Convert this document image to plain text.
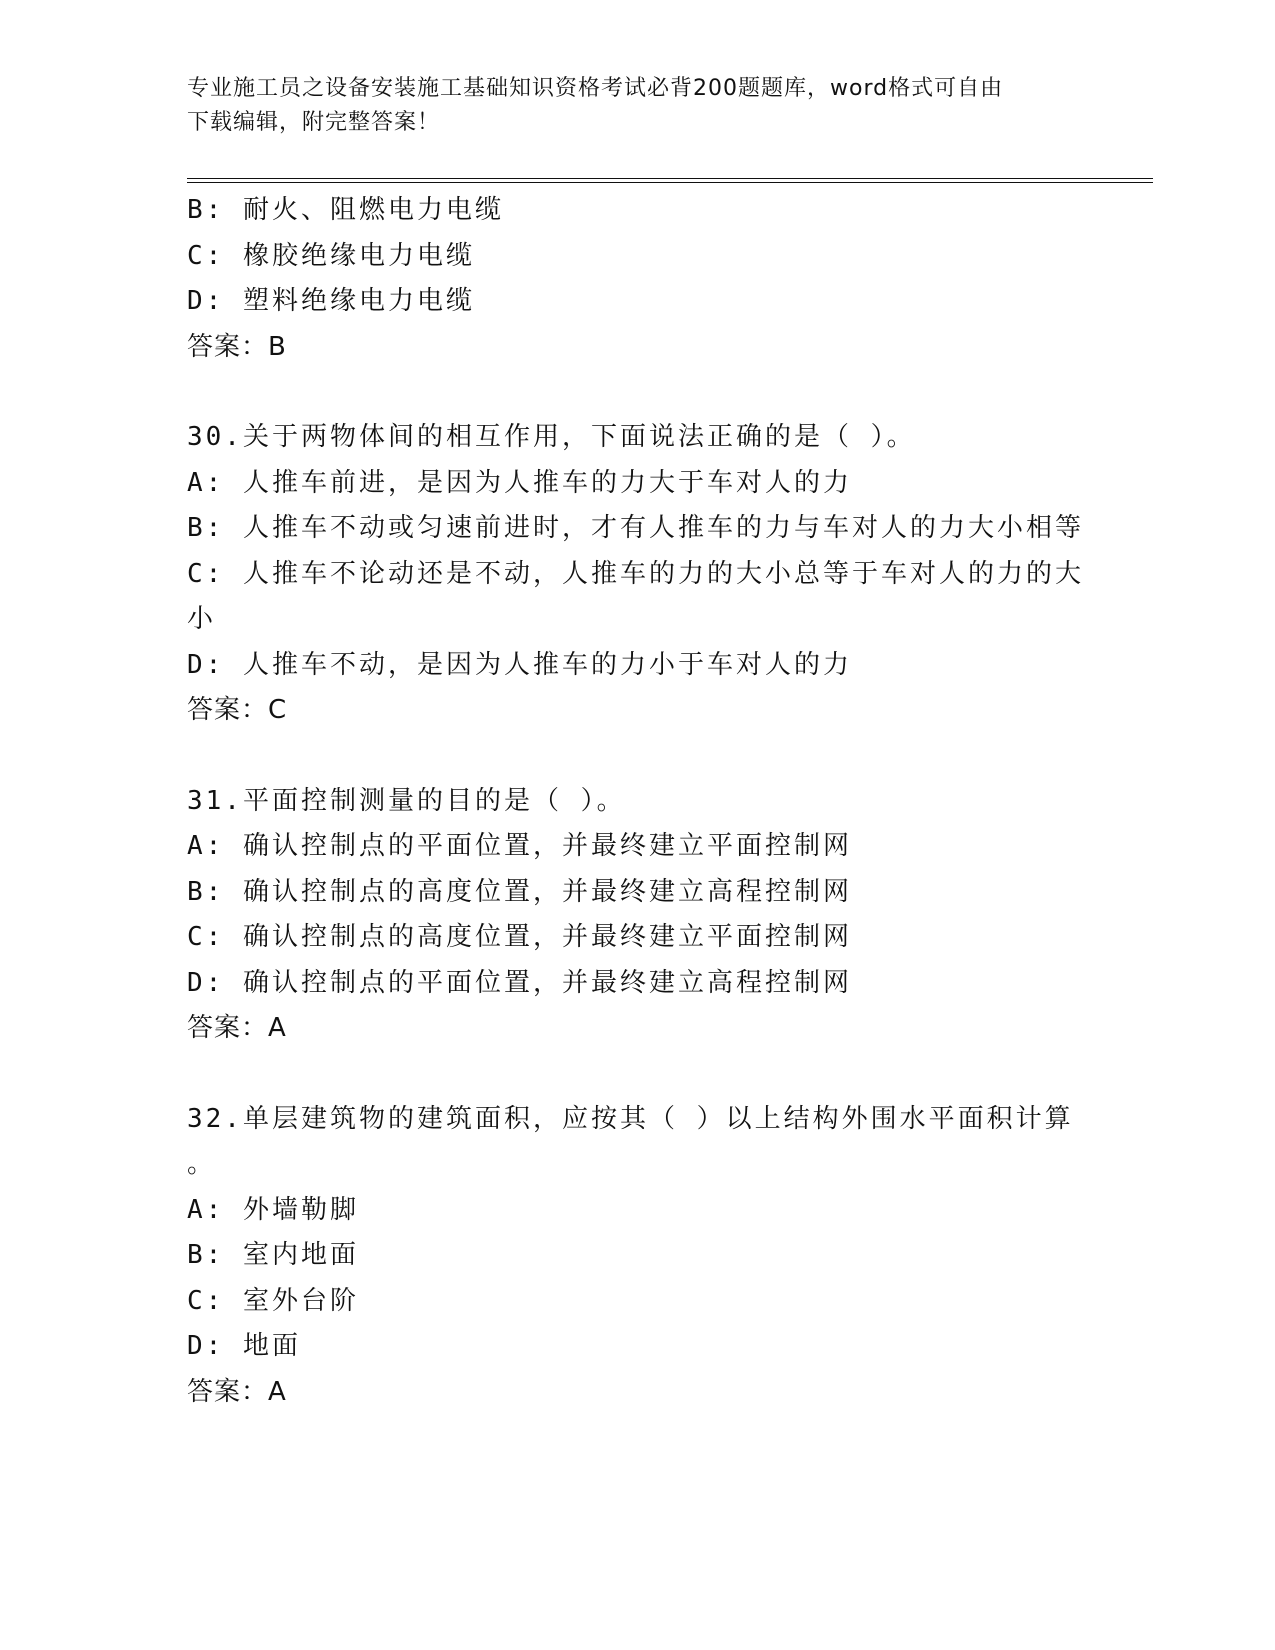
专业施工员之设备安装施工基础知识资格考试必背200题题库，word格式可自由
下载编辑，附完整答案！
B: 耐火、阻燃电力电缆
C: 橡胶绝缘电力电缆
D: 塑料绝缘电力电缆
答案：B
30.关于两物体间的相互作用，下面说法正确的是（ ）。
A: 人推车前进，是因为人推车的力大于车对人的力
B: 人推车不动或匀速前进时，才有人推车的力与车对人的力大小相等
C: 人推车不论动还是不动，人推车的力的大小总等于车对人的力的大
小
D: 人推车不动，是因为人推车的力小于车对人的力
答案：C
31.平面控制测量的目的是（ ）。
A: 确认控制点的平面位置，并最终建立平面控制网
B: 确认控制点的高度位置，并最终建立高程控制网
C: 确认控制点的高度位置，并最终建立平面控制网
D: 确认控制点的平面位置，并最终建立高程控制网
答案：A
32.单层建筑物的建筑面积，应按其（ ）以上结构外围水平面积计算
。
A: 外墙勒脚
B: 室内地面
C: 室外台阶
D: 地面
答案：A
